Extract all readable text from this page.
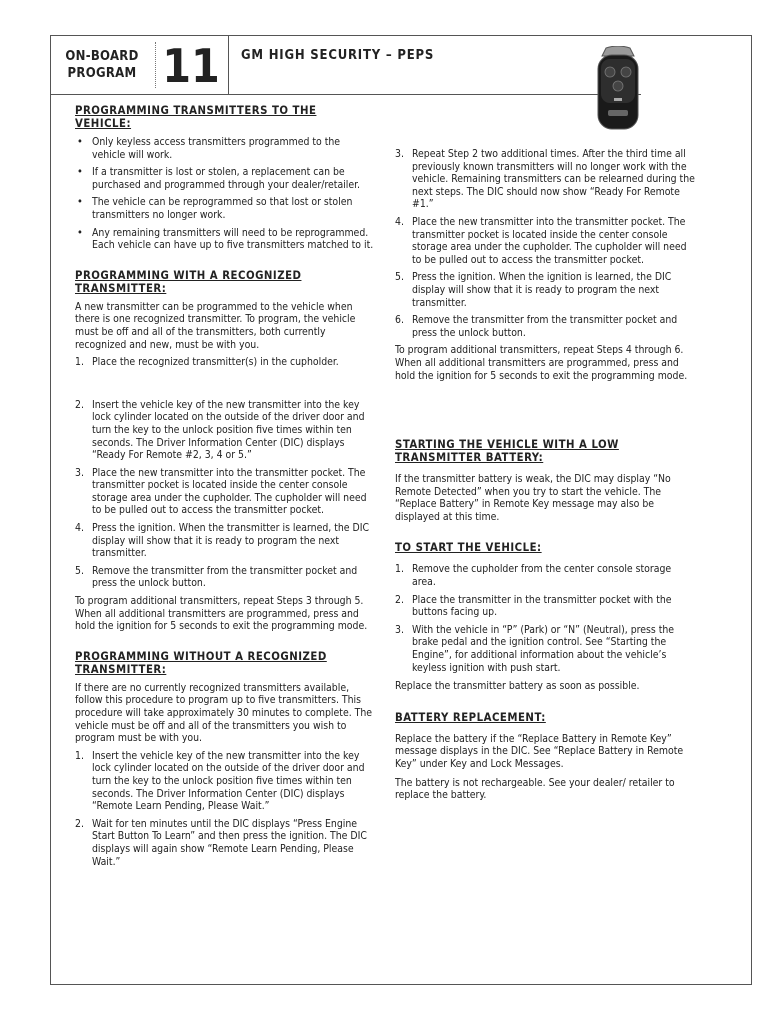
ON-BOARD
PROGRAM 11	GM HIGH SECURITY – PEPS
PROGRAMMING TRANSMITTERS TO THE VEHICLE:
• Only keyless access transmitters programmed to the vehicle will work.
• If a transmitter is lost or stolen, a replacement can be purchased and programmed through your dealer/retailer.
• The vehicle can be reprogrammed so that lost or stolen transmitters no longer work.
• Any remaining transmitters will need to be reprogrammed. Each vehicle can have up to five transmitters matched to it.
PROGRAMMING WITH A RECOGNIZED TRANSMITTER:

A new transmitter can be programmed to the vehicle when there is one recognized transmitter. To program, the vehicle must be off and all of the transmitters, both currently recognized and new, must be with you.

1. Place the recognized transmitter(s) in the cupholder.
2. Insert the vehicle key of the new transmitter into the key lock cylinder located on the outside of the driver door and turn the key to the unlock position five times within ten seconds. The Driver Information Center (DIC) displays “Ready For Remote #2, 3, 4 or 5.”
3. Place the new transmitter into the transmitter pocket. The transmitter pocket is located inside the center console storage area under the cupholder. The cupholder will need to be pulled out to access the transmitter pocket.
4. Press the ignition. When the transmitter is learned, the DIC display will show that it is ready to program the next transmitter.
5. Remove the transmitter from the transmitter pocket and press the unlock button.

To program additional transmitters, repeat Steps 3 through 5. When all additional transmitters are programmed, press and hold the ignition for 5 seconds to exit the programming mode.

PROGRAMMING WITHOUT A RECOGNIZED TRANSMITTER:

If there are no currently recognized transmitters available, follow this procedure to program up to five transmitters. This procedure will take approximately 30 minutes to complete. The vehicle must be off and all of the transmitters you wish to program must be with you.

1. Insert the vehicle key of the new transmitter into the key lock cylinder located on the outside of the driver door and turn the key to the unlock position five times within ten seconds. The Driver Information Center (DIC) displays “Remote Learn Pending, Please Wait.”
2. Wait for ten minutes until the DIC displays “Press Engine Start Button To Learn” and then press the ignition. The DIC displays will again show “Remote Learn Pending, Please Wait.”
3. Repeat Step 2 two additional times. After the third time all previously known transmitters will no longer work with the vehicle. Remaining transmitters can be relearned during the next steps. The DIC should now show “Ready For Remote #1.”
4. Place the new transmitter into the transmitter pocket. The transmitter pocket is located inside the center console storage area under the cupholder. The cupholder will need to be pulled out to access the transmitter pocket.
5. Press the ignition. When the ignition is learned, the DIC display will show that it is ready to program the next transmitter.
6. Remove the transmitter from the transmitter pocket and press the unlock button.

To program additional transmitters, repeat Steps 4 through 6. When all additional transmitters are programmed, press and hold the ignition for 5 seconds to exit the programming mode.

STARTING THE VEHICLE WITH A LOW TRANSMITTER BATTERY:

If the transmitter battery is weak, the DIC may display “No Remote Detected” when you try to start the vehicle. The “Replace Battery” in Remote Key message may also be displayed at this time.

TO START THE VEHICLE:
1. Remove the cupholder from the center console storage area.
2. Place the transmitter in the transmitter pocket with the buttons facing up.
3. With the vehicle in “P” (Park) or “N” (Neutral), press the brake pedal and the ignition control. See “Starting the Engine”, for additional information about the vehicle’s keyless ignition with push start.

Replace the transmitter battery as soon as possible.

BATTERY REPLACEMENT:

Replace the battery if the “Replace Battery in Remote Key” message displays in the DIC. See “Replace Battery in Remote Key” under Key and Lock Messages.

The battery is not rechargeable. See your dealer/ retailer to replace the battery.
